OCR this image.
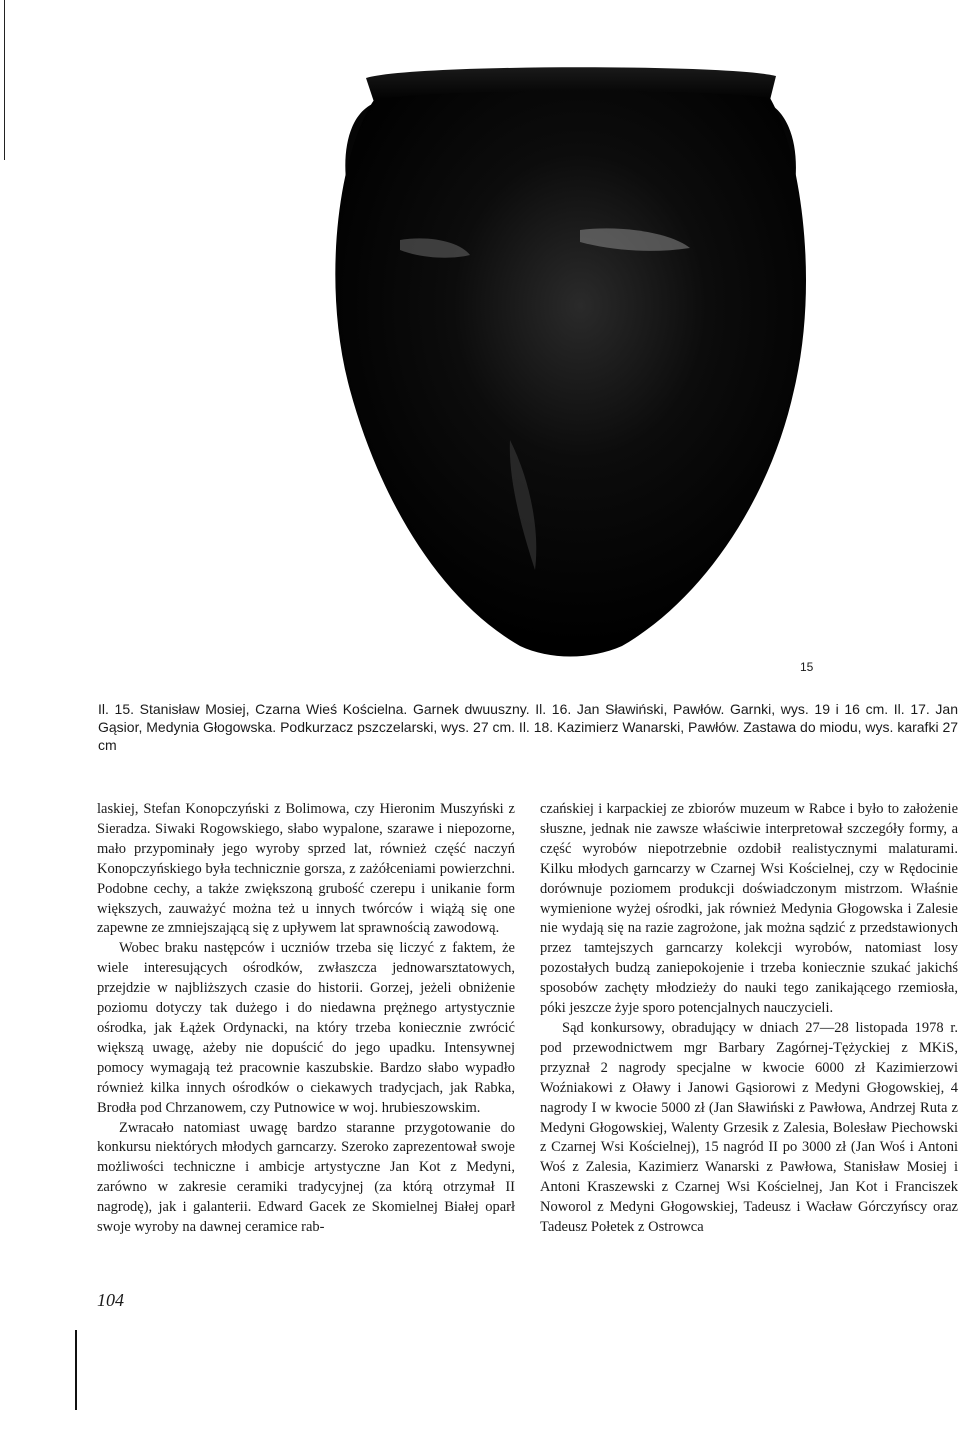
15

Il. 15. Stanisław Mosiej, Czarna Wieś Kościelna. Garnek dwuuszny. Il. 16. Jan Sławiński, Pawłów. Garnki, wys. 19 i 16 cm. Il. 17. Jan Gąsior, Medynia Głogowska. Podkurzacz pszczelarski, wys. 27 cm. Il. 18. Kazimierz Wanarski, Pawłów. Zastawa do miodu, wys. karafki 27 cm

laskiej, Stefan Konopczyński z Bolimowa, czy Hieronim Muszyński z Sieradza. Siwaki Rogowskiego, słabo wypalone, szarawe i niepozorne, mało przypominały jego wyroby sprzed lat, również część naczyń Konopczyńskiego była technicznie gorsza, z zażółceniami powierzchni. Podobne cechy, a także zwiększoną grubość czerepu i unikanie form większych, zauważyć można też u innych twórców i wiążą się one zapewne ze zmniejszającą się z upływem lat sprawnością zawodową.

Wobec braku następców i uczniów trzeba się liczyć z faktem, że wiele interesujących ośrodków, zwłaszcza jednowarsztatowych, przejdzie w najbliższych czasie do historii. Gorzej, jeżeli obniżenie poziomu dotyczy tak dużego i do niedawna prężnego artystycznie ośrodka, jak Łążek Ordynacki, na który trzeba koniecznie zwrócić większą uwagę, ażeby nie dopuścić do jego upadku. Intensywnej pomocy wymagają też pracownie kaszubskie. Bardzo słabo wypadło również kilka innych ośrodków o ciekawych tradycjach, jak Rabka, Brodła pod Chrzanowem, czy Putnowice w woj. hrubieszowskim.

Zwracało natomiast uwagę bardzo staranne przygotowanie do konkursu niektórych młodych garncarzy. Szeroko zaprezentował swoje możliwości techniczne i ambicje artystyczne Jan Kot z Medyni, zarówno w zakresie ceramiki tradycyjnej (za którą otrzymał II nagrodę), jak i galanterii. Edward Gacek ze Skomielnej Białej oparł swoje wyroby na dawnej ceramice rab-

czańskiej i karpackiej ze zbiorów muzeum w Rabce i było to założenie słuszne, jednak nie zawsze właściwie interpretował szczegóły formy, a część wyrobów niepotrzebnie ozdobił realistycznymi malaturami. Kilku młodych garncarzy w Czarnej Wsi Kościelnej, czy w Rędocinie dorównuje poziomem produkcji doświadczonym mistrzom. Właśnie wymienione wyżej ośrodki, jak również Medynia Głogowska i Zalesie nie wydają się na razie zagrożone, jak można sądzić z przedstawionych przez tamtejszych garncarzy kolekcji wyrobów, natomiast losy pozostałych budzą zaniepokojenie i trzeba koniecznie szukać jakichś sposobów zachęty młodzieży do nauki tego zanikającego rzemiosła, póki jeszcze żyje sporo potencjalnych nauczycieli.

Sąd konkursowy, obradujący w dniach 27—28 listopada 1978 r. pod przewodnictwem mgr Barbary Zagórnej-Tężyckiej z MKiS, przyznał 2 nagrody specjalne w kwocie 6000 zł Kazimierzowi Woźniakowi z Oławy i Janowi Gąsiorowi z Medyni Głogowskiej, 4 nagrody I w kwocie 5000 zł (Jan Sławiński z Pawłowa, Andrzej Ruta z Medyni Głogowskiej, Walenty Grzesik z Zalesia, Bolesław Piechowski z Czarnej Wsi Kościelnej), 15 nagród II po 3000 zł (Jan Woś i Antoni Woś z Zalesia, Kazimierz Wanarski z Pawłowa, Stanisław Mosiej i Antoni Kraszewski z Czarnej Wsi Kościelnej, Jan Kot i Franciszek Noworol z Medyni Głogowskiej, Tadeusz i Wacław Górczyńscy oraz Tadeusz Połetek z Ostrowca

104
